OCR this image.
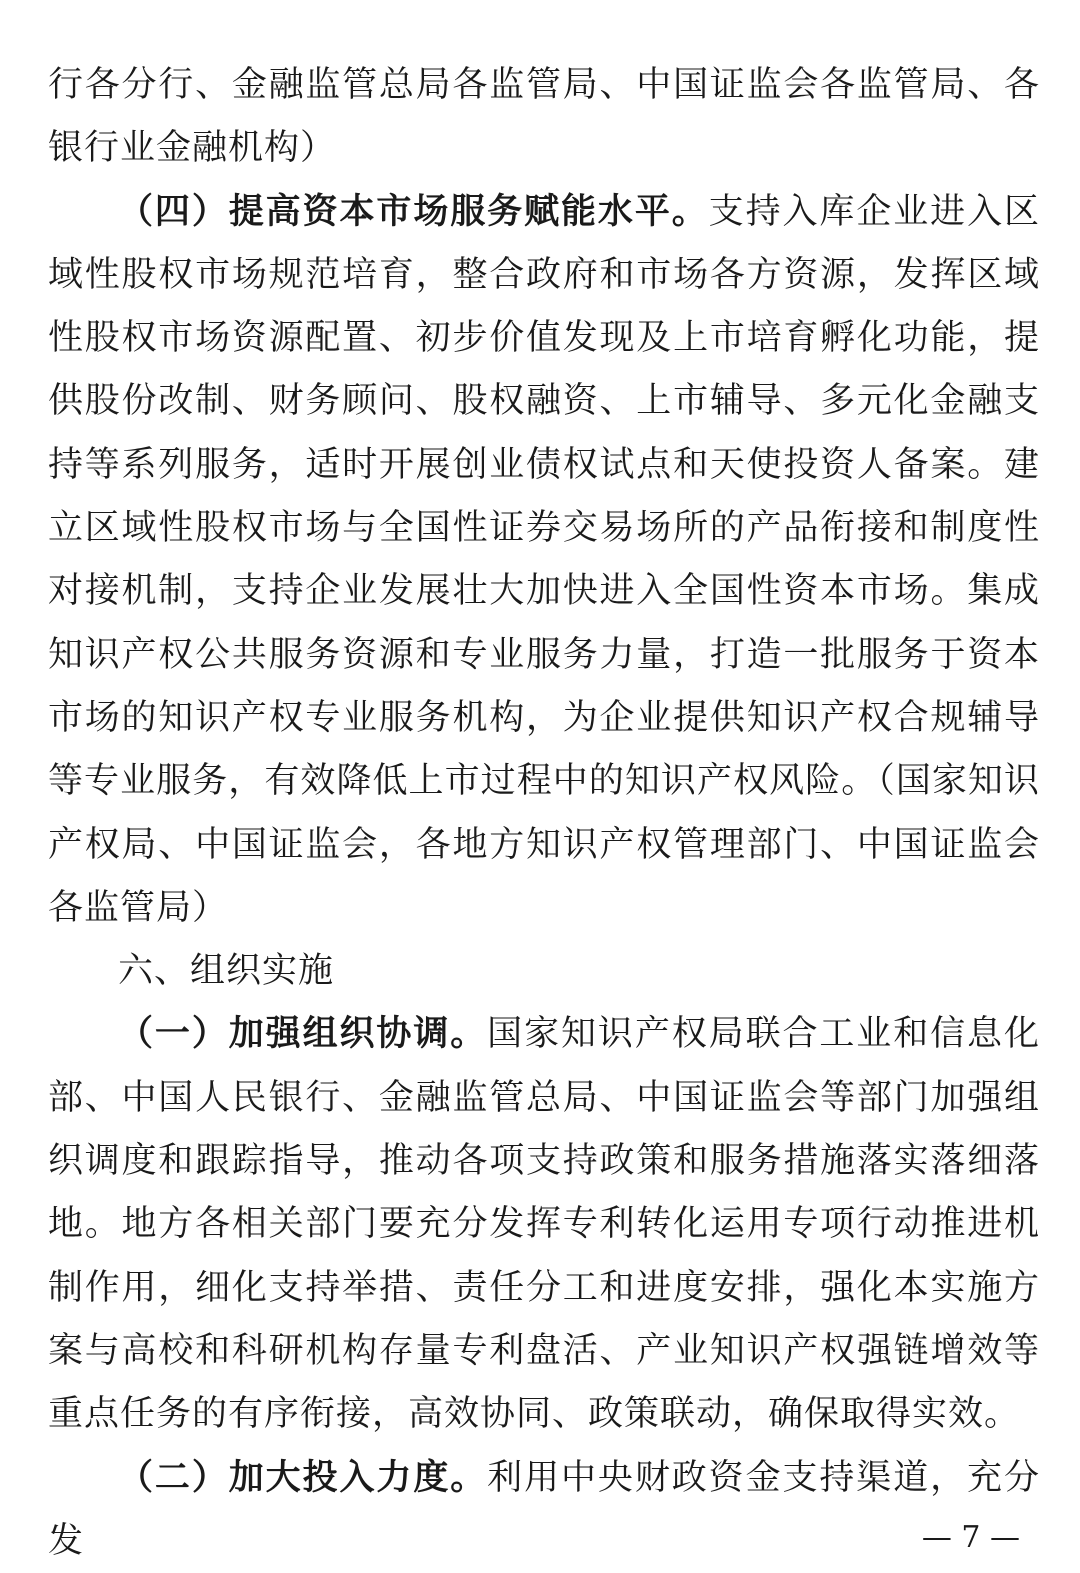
行各分行、金融监管总局各监管局、中国证监会各监管局、各银行业金融机构）

（四）提高资本市场服务赋能水平。支持入库企业进入区域性股权市场规范培育，整合政府和市场各方资源，发挥区域性股权市场资源配置、初步价值发现及上市培育孵化功能，提供股份改制、财务顾问、股权融资、上市辅导、多元化金融支持等系列服务，适时开展创业债权试点和天使投资人备案。建立区域性股权市场与全国性证券交易场所的产品衔接和制度性对接机制，支持企业发展壮大加快进入全国性资本市场。集成知识产权公共服务资源和专业服务力量，打造一批服务于资本市场的知识产权专业服务机构，为企业提供知识产权合规辅导等专业服务，有效降低上市过程中的知识产权风险。（国家知识产权局、中国证监会，各地方知识产权管理部门、中国证监会各监管局）

六、组织实施

（一）加强组织协调。国家知识产权局联合工业和信息化部、中国人民银行、金融监管总局、中国证监会等部门加强组织调度和跟踪指导，推动各项支持政策和服务措施落实落细落地。地方各相关部门要充分发挥专利转化运用专项行动推进机制作用，细化支持举措、责任分工和进度安排，强化本实施方案与高校和科研机构存量专利盘活、产业知识产权强链增效等重点任务的有序衔接，高效协同、政策联动，确保取得实效。

（二）加大投入力度。利用中央财政资金支持渠道，充分发	— 7 —
